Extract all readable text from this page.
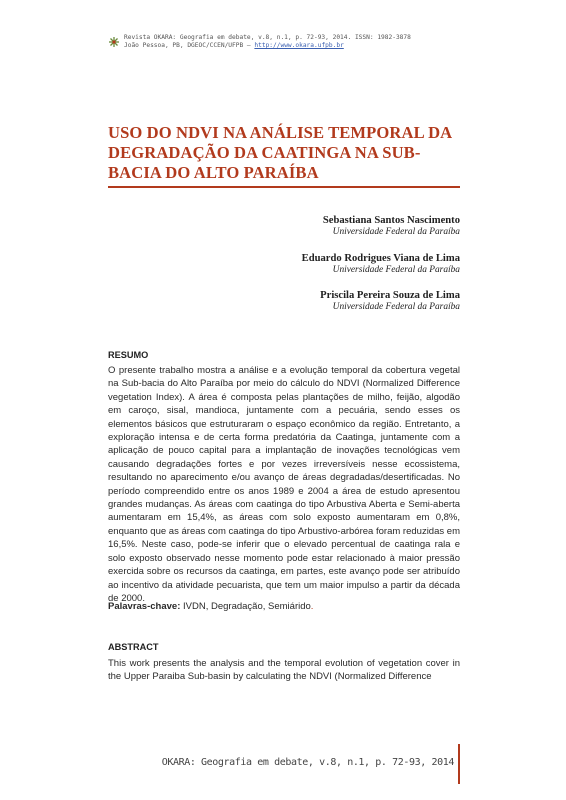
Revista OKARA: Geografia em debate, v.8, n.1, p. 72-93, 2014. ISSN: 1982-3878
João Pessoa, PB, DGEOC/CCEN/UFPB – http://www.okara.ufpb.br
USO DO NDVI NA ANÁLISE TEMPORAL DA DEGRADAÇÃO DA CAATINGA NA SUB-BACIA DO ALTO PARAÍBA
Sebastiana Santos Nascimento
Universidade Federal da Paraíba
Eduardo Rodrigues Viana de Lima
Universidade Federal da Paraíba
Priscila Pereira Souza de Lima
Universidade Federal da Paraíba
RESUMO

O presente trabalho mostra a análise e a evolução temporal da cobertura vegetal na Sub-bacia do Alto Paraíba por meio do cálculo do NDVI (Normalized Difference vegetation Index). A área é composta pelas plantações de milho, feijão, algodão em caroço, sisal, mandioca, juntamente com a pecuária, sendo esses os elementos básicos que estruturaram o espaço econômico da região. Entretanto, a exploração intensa e de certa forma predatória da Caatinga, juntamente com a aplicação de pouco capital para a implantação de inovações tecnológicas vem causando degradações fortes e por vezes irreversíveis nesse ecossistema, resultando no aparecimento e/ou avanço de áreas degradadas/desertificadas. No período compreendido entre os anos 1989 e 2004 a área de estudo apresentou grandes mudanças. As áreas com caatinga do tipo Arbustiva Aberta e Semi-aberta aumentaram em 15,4%, as áreas com solo exposto aumentaram em 0,8%, enquanto que as áreas com caatinga do tipo Arbustivo-arbórea foram reduzidas em 16,5%. Neste caso, pode-se inferir que o elevado percentual de caatinga rala e solo exposto observado nesse momento pode estar relacionado à maior pressão exercida sobre os recursos da caatinga, em partes, este avanço pode ser atribuído ao incentivo da atividade pecuarista, que tem um maior impulso a partir da década de 2000.

Palavras-chave: IVDN, Degradação, Semiárido.
ABSTRACT

This work presents the analysis and the temporal evolution of vegetation cover in the Upper Paraiba Sub-basin by calculating the NDVI (Normalized Difference

OKARA: Geografia em debate, v.8, n.1, p. 72-93, 2014
